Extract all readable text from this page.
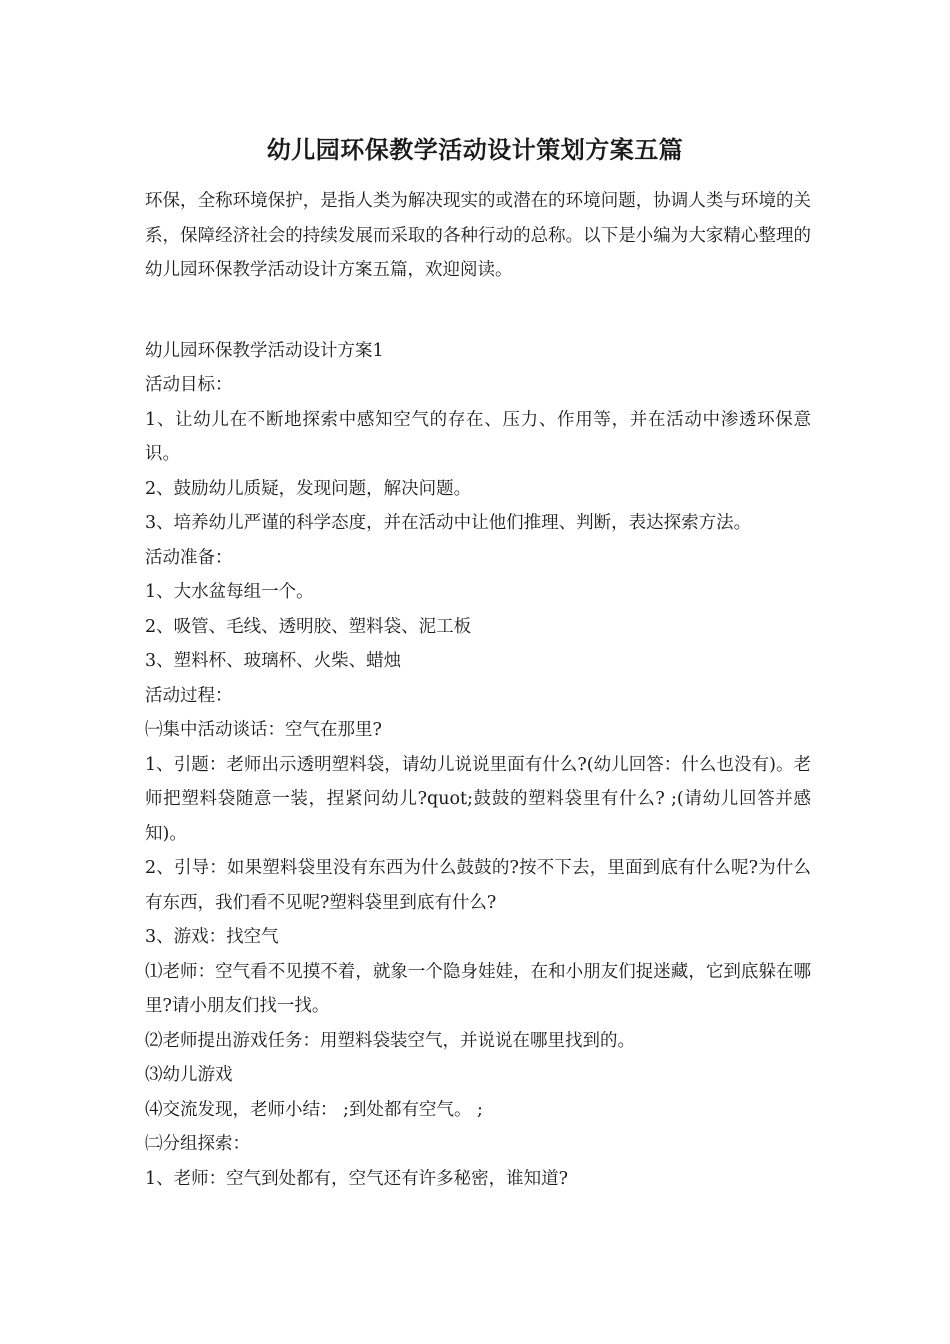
幼儿园环保教学活动设计策划方案五篇

环保，全称环境保护，是指人类为解决现实的或潜在的环境问题，协调人类与环境的关系，保障经济社会的持续发展而采取的各种行动的总称。以下是小编为大家精心整理的幼儿园环保教学活动设计方案五篇，欢迎阅读。

幼儿园环保教学活动设计方案1

活动目标：

1、让幼儿在不断地探索中感知空气的存在、压力、作用等，并在活动中渗透环保意识。

2、鼓励幼儿质疑，发现问题，解决问题。

3、培养幼儿严谨的科学态度，并在活动中让他们推理、判断，表达探索方法。

活动准备：

1、大水盆每组一个。

2、吸管、毛线、透明胶、塑料袋、泥工板

3、塑料杯、玻璃杯、火柴、蜡烛

活动过程：

㈠集中活动谈话：空气在那里?

1、引题：老师出示透明塑料袋，请幼儿说说里面有什么?(幼儿回答：什么也没有)。老师把塑料袋随意一装，捏紧问幼儿?quot;鼓鼓的塑料袋里有什么? ;(请幼儿回答并感知)。

2、引导：如果塑料袋里没有东西为什么鼓鼓的?按不下去，里面到底有什么呢?为什么有东西，我们看不见呢?塑料袋里到底有什么?

3、游戏：找空气

⑴老师：空气看不见摸不着，就象一个隐身娃娃，在和小朋友们捉迷藏，它到底躲在哪里?请小朋友们找一找。

⑵老师提出游戏任务：用塑料袋装空气，并说说在哪里找到的。

⑶幼儿游戏

⑷交流发现，老师小结： ;到处都有空气。 ;

㈡分组探索：

1、老师：空气到处都有，空气还有许多秘密，谁知道?
